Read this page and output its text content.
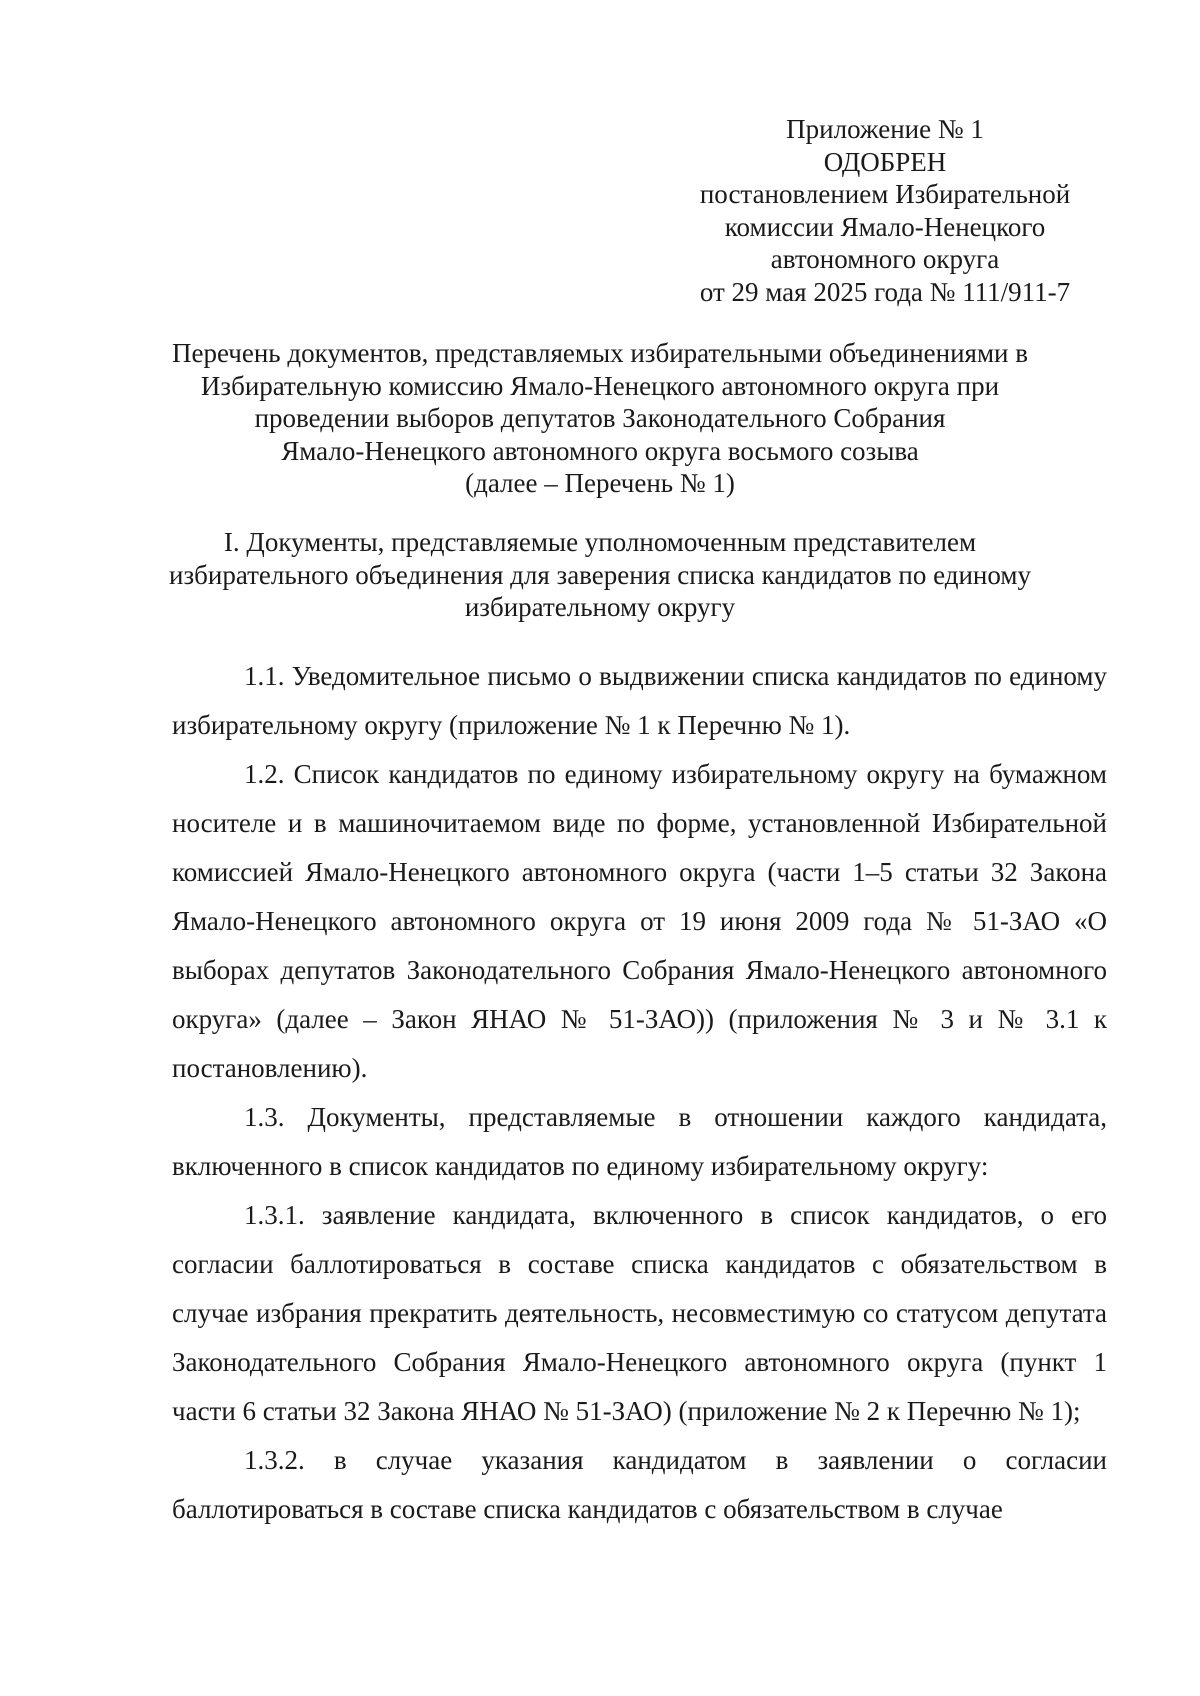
Приложение № 1
ОДОБРЕН
постановлением Избирательной
комиссии Ямало-Ненецкого
автономного округа
от 29 мая 2025 года № 111/911-7
Перечень документов, представляемых избирательными объединениями в
Избирательную комиссию Ямало-Ненецкого автономного округа при
проведении выборов депутатов Законодательного Собрания
Ямало-Ненецкого автономного округа восьмого созыва
(далее – Перечень № 1)
I. Документы, представляемые уполномоченным представителем
избирательного объединения для заверения списка кандидатов по единому
избирательному округу

1.1. Уведомительное письмо о выдвижении списка кандидатов по единому избирательному округу (приложение № 1 к Перечню № 1).

1.2. Список кандидатов по единому избирательному округу на бумажном носителе и в машиночитаемом виде по форме, установленной Избирательной комиссией Ямало-Ненецкого автономного округа (части 1–5 статьи 32 Закона Ямало-Ненецкого автономного округа от 19 июня 2009 года № 51-ЗАО «О выборах депутатов Законодательного Собрания Ямало-Ненецкого автономного округа» (далее – Закон ЯНАО № 51-ЗАО)) (приложения № 3 и № 3.1 к постановлению).

1.3. Документы, представляемые в отношении каждого кандидата, включенного в список кандидатов по единому избирательному округу:

1.3.1. заявление кандидата, включенного в список кандидатов, о его согласии баллотироваться в составе списка кандидатов с обязательством в случае избрания прекратить деятельность, несовместимую со статусом депутата Законодательного Собрания Ямало-Ненецкого автономного округа (пункт 1 части 6 статьи 32 Закона ЯНАО № 51-ЗАО) (приложение № 2 к Перечню № 1);

1.3.2. в случае указания кандидатом в заявлении о согласии баллотироваться в составе списка кандидатов с обязательством в случае
